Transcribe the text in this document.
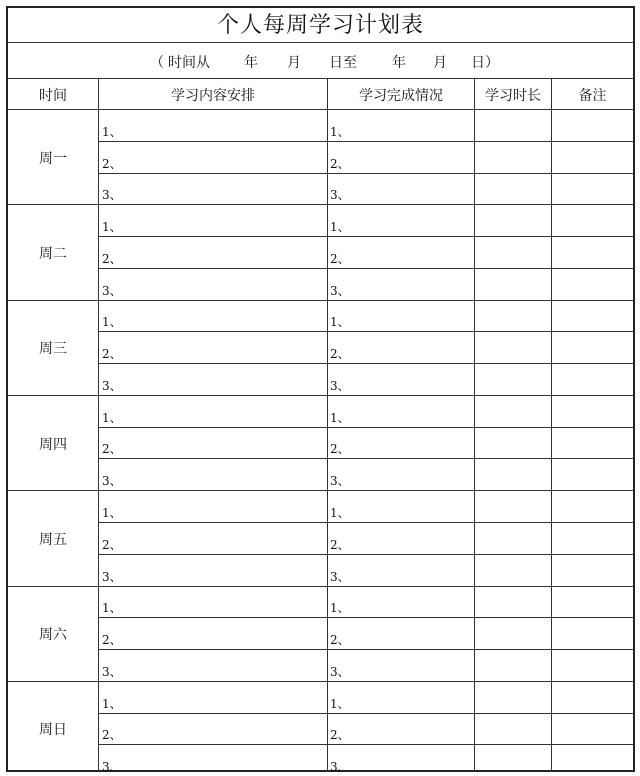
个人每周学习计划表
（ 时间从 年 月 日至	年 月 日）
时间	学习内容安排	学习完成情况	学习时长	备注
周一
1、	1、
2、	2、
3、	3、
周二
1、	1、
2、	2、
3、	3、
周三
1、	1、
2、	2、
3、	3、
周四
1、	1、
2、	2、
3、	3、
周五
1、	1、
2、	2、
3、	3、
周六
1、	1、
2、	2、
3、	3、
周日
1、	1、
2、	2、
3、	3、
